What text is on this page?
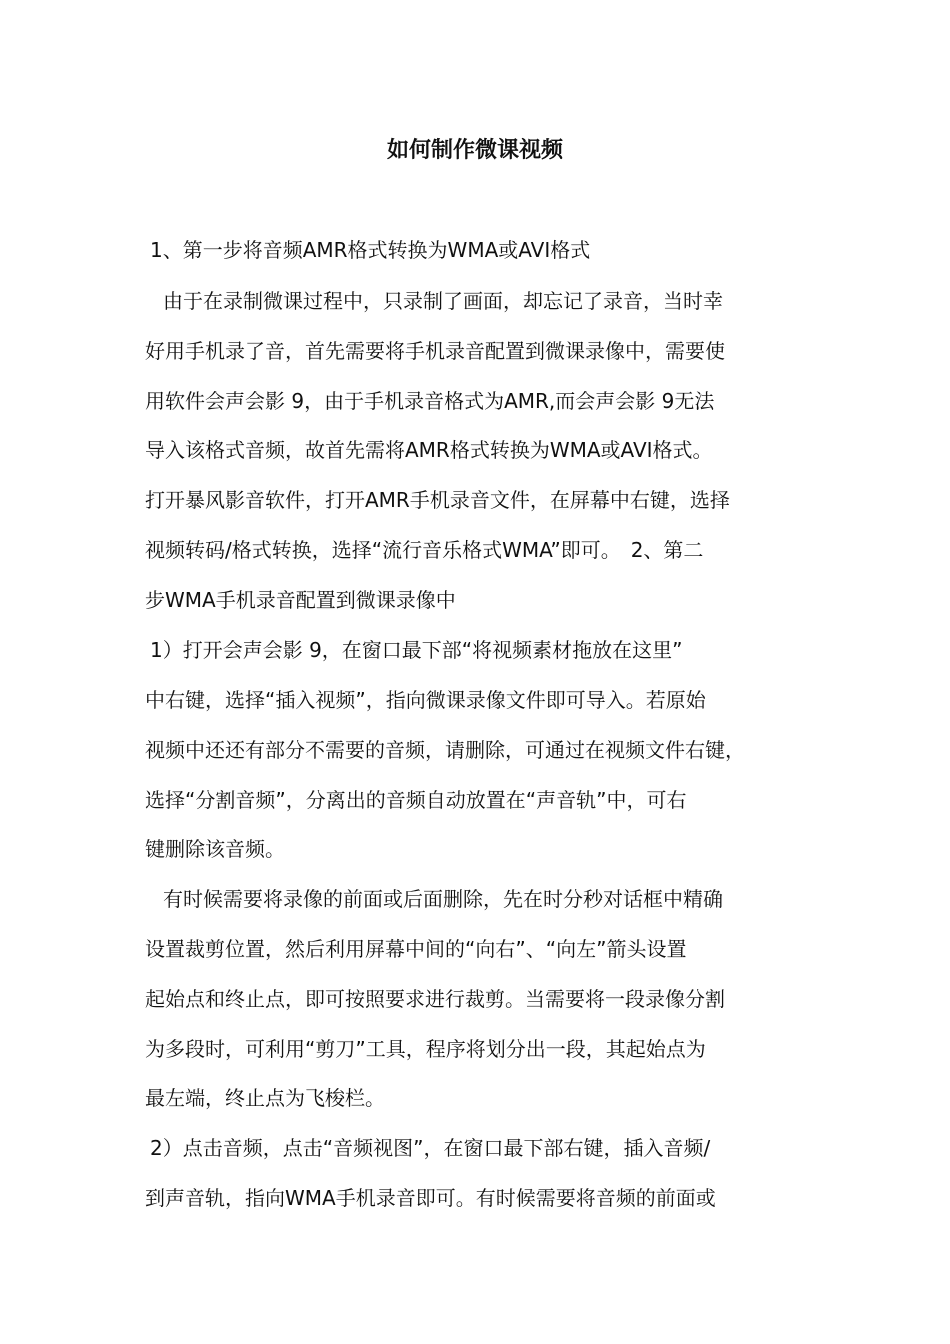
如何制作微课视频
1、第一步将音频AMR格式转换为WMA或AVI格式
由于在录制微课过程中，只录制了画面，却忘记了录音，当时幸
好用手机录了音，首先需要将手机录音配置到微课录像中，需要使
用软件会声会影 9，由于手机录音格式为AMR,而会声会影 9无法
导入该格式音频，故首先需将AMR格式转换为WMA或AVI格式。
打开暴风影音软件，打开AMR手机录音文件，在屏幕中右键，选择
视频转码/格式转换，选择“流行音乐格式WMA”即可。　2、第二
步WMA手机录音配置到微课录像中
1）打开会声会影 9，在窗口最下部“将视频素材拖放在这里”
中右键，选择“插入视频”，指向微课录像文件即可导入。若原始
视频中还还有部分不需要的音频，请删除，可通过在视频文件右键，
选择“分割音频”，分离出的音频自动放置在“声音轨”中，可右
键删除该音频。
有时候需要将录像的前面或后面删除，先在时分秒对话框中精确
设置裁剪位置，然后利用屏幕中间的“向右”、“向左”箭头设置
起始点和终止点，即可按照要求进行裁剪。当需要将一段录像分割
为多段时，可利用“剪刀”工具，程序将划分出一段，其起始点为
最左端，终止点为飞梭栏。
2）点击音频，点击“音频视图”，在窗口最下部右键，插入音频/
到声音轨，指向WMA手机录音即可。有时候需要将音频的前面或
